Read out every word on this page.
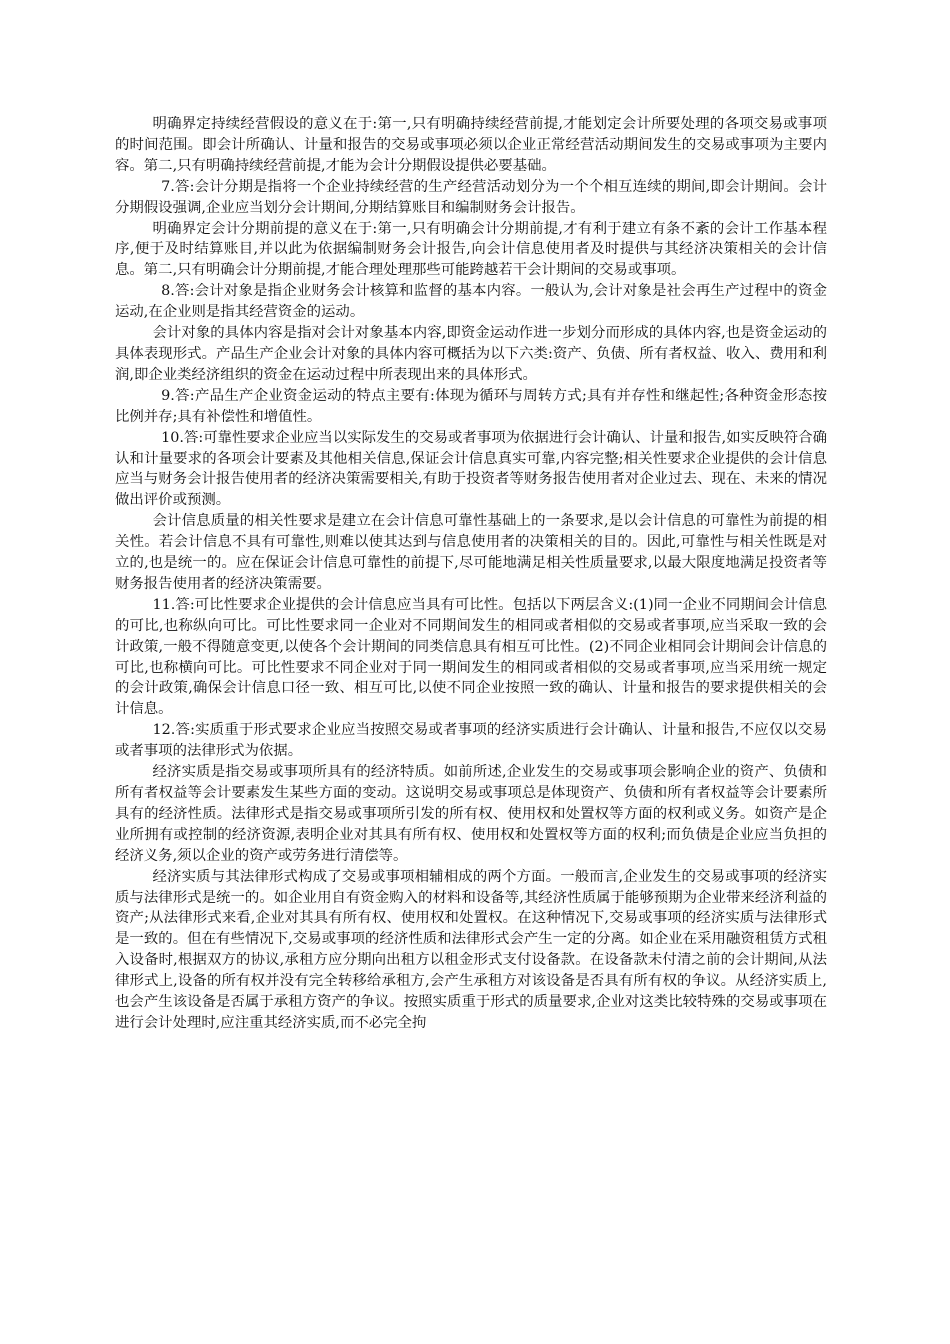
明确界定持续经营假设的意义在于:第一,只有明确持续经营前提,才能划定会计所要处理的各项交易或事项的时间范围。即会计所确认、计量和报告的交易或事项必须以企业正常经营活动期间发生的交易或事项为主要内容。第二,只有明确持续经营前提,才能为会计分期假设提供必要基础。

7.答:会计分期是指将一个企业持续经营的生产经营活动划分为一个个相互连续的期间,即会计期间。会计分期假设强调,企业应当划分会计期间,分期结算账目和编制财务会计报告。

明确界定会计分期前提的意义在于:第一,只有明确会计分期前提,才有利于建立有条不紊的会计工作基本程序,便于及时结算账目,并以此为依据编制财务会计报告,向会计信息使用者及时提供与其经济决策相关的会计信息。第二,只有明确会计分期前提,才能合理处理那些可能跨越若干会计期间的交易或事项。

8.答:会计对象是指企业财务会计核算和监督的基本内容。一般认为,会计对象是社会再生产过程中的资金运动,在企业则是指其经营资金的运动。

会计对象的具体内容是指对会计对象基本内容,即资金运动作进一步划分而形成的具体内容,也是资金运动的具体表现形式。产品生产企业会计对象的具体内容可概括为以下六类:资产、负债、所有者权益、收入、费用和利润,即企业类经济组织的资金在运动过程中所表现出来的具体形式。

9.答:产品生产企业资金运动的特点主要有:体现为循环与周转方式;具有并存性和继起性;各种资金形态按比例并存;具有补偿性和增值性。

10.答:可靠性要求企业应当以实际发生的交易或者事项为依据进行会计确认、计量和报告,如实反映符合确认和计量要求的各项会计要素及其他相关信息,保证会计信息真实可靠,内容完整;相关性要求企业提供的会计信息应当与财务会计报告使用者的经济决策需要相关,有助于投资者等财务报告使用者对企业过去、现在、未来的情况做出评价或预测。

会计信息质量的相关性要求是建立在会计信息可靠性基础上的一条要求,是以会计信息的可靠性为前提的相关性。若会计信息不具有可靠性,则难以使其达到与信息使用者的决策相关的目的。因此,可靠性与相关性既是对立的,也是统一的。应在保证会计信息可靠性的前提下,尽可能地满足相关性质量要求,以最大限度地满足投资者等财务报告使用者的经济决策需要。

11.答:可比性要求企业提供的会计信息应当具有可比性。包括以下两层含义:(1)同一企业不同期间会计信息的可比,也称纵向可比。可比性要求同一企业对不同期间发生的相同或者相似的交易或者事项,应当采取一致的会计政策,一般不得随意变更,以使各个会计期间的同类信息具有相互可比性。(2)不同企业相同会计期间会计信息的可比,也称横向可比。可比性要求不同企业对于同一期间发生的相同或者相似的交易或者事项,应当采用统一规定的会计政策,确保会计信息口径一致、相互可比,以使不同企业按照一致的确认、计量和报告的要求提供相关的会计信息。

12.答:实质重于形式要求企业应当按照交易或者事项的经济实质进行会计确认、计量和报告,不应仅以交易或者事项的法律形式为依据。

经济实质是指交易或事项所具有的经济特质。如前所述,企业发生的交易或事项会影响企业的资产、负债和所有者权益等会计要素发生某些方面的变动。这说明交易或事项总是体现资产、负债和所有者权益等会计要素所具有的经济性质。法律形式是指交易或事项所引发的所有权、使用权和处置权等方面的权利或义务。如资产是企业所拥有或控制的经济资源,表明企业对其具有所有权、使用权和处置权等方面的权利;而负债是企业应当负担的经济义务,须以企业的资产或劳务进行清偿等。

经济实质与其法律形式构成了交易或事项相辅相成的两个方面。一般而言,企业发生的交易或事项的经济实质与法律形式是统一的。如企业用自有资金购入的材料和设备等,其经济性质属于能够预期为企业带来经济利益的资产;从法律形式来看,企业对其具有所有权、使用权和处置权。在这种情况下,交易或事项的经济实质与法律形式是一致的。但在有些情况下,交易或事项的经济性质和法律形式会产生一定的分离。如企业在采用融资租赁方式租入设备时,根据双方的协议,承租方应分期向出租方以租金形式支付设备款。在设备款未付清之前的会计期间,从法律形式上,设备的所有权并没有完全转移给承租方,会产生承租方对该设备是否具有所有权的争议。从经济实质上,也会产生该设备是否属于承租方资产的争议。按照实质重于形式的质量要求,企业对这类比较特殊的交易或事项在进行会计处理时,应注重其经济实质,而不必完全拘
